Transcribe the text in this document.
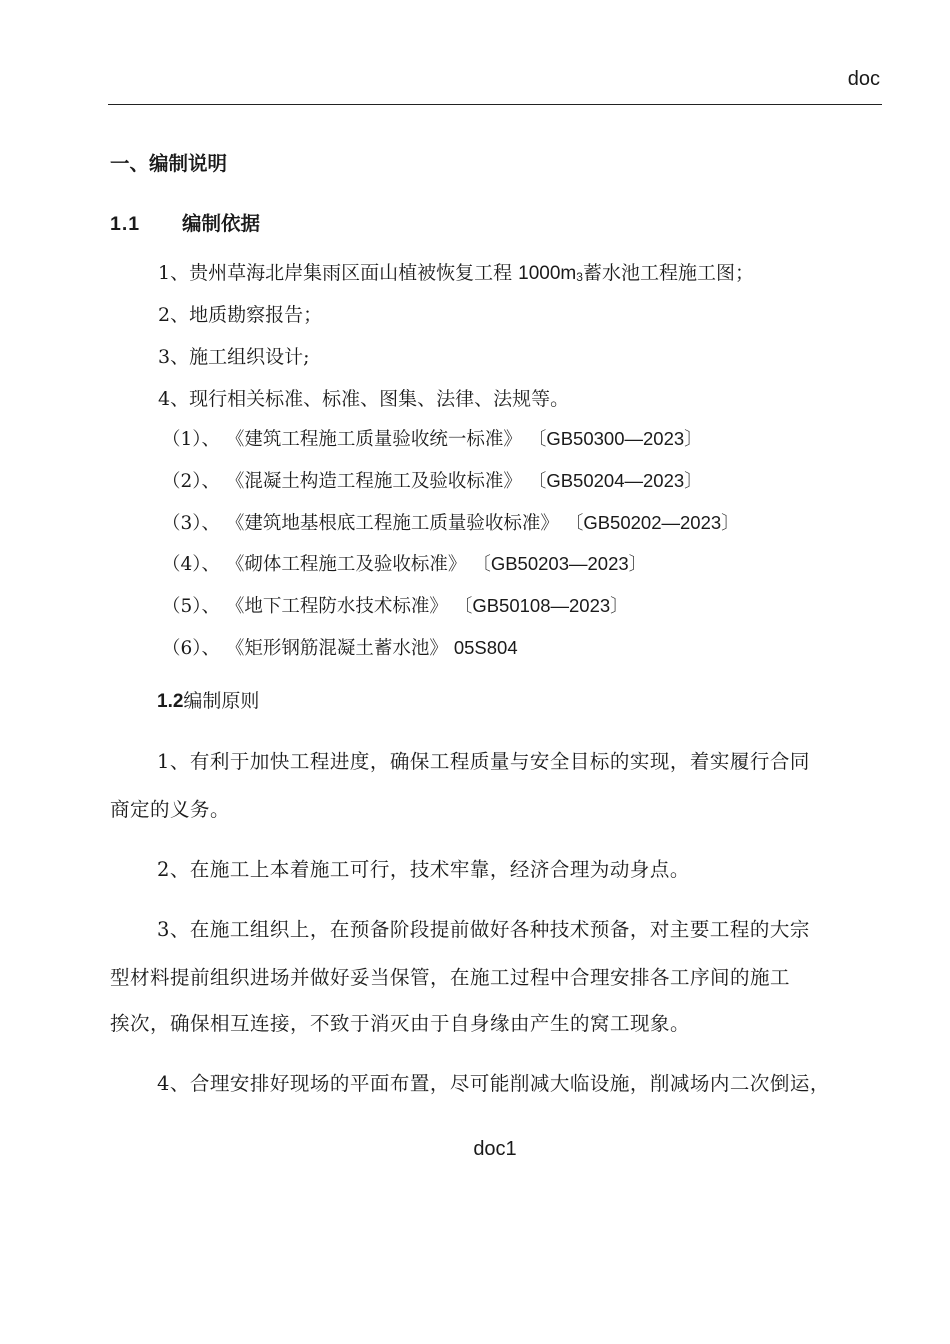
doc
一、编制说明
1.1 编制依据
1、贵州草海北岸集雨区面山植被恢复工程 $1000m^3$蓄水池工程施工图；
2、地质勘察报告；
3、施工组织设计;
4、现行相关标准、标准、图集、法律、法规等。
（1）、 《建筑工程施工质量验收统一标准》 〔GB50300—2023〕
（2）、 《混凝土构造工程施工及验收标准》 〔GB50204—2023〕
（3）、 《建筑地基根底工程施工质量验收标准》 〔GB50202—2023〕
（4）、 《砌体工程施工及验收标准》 〔GB50203—2023〕
（5）、 《地下工程防水技术标准》 〔GB50108—2023〕
（6）、 《矩形钢筋混凝土蓄水池》 05S804
1.2编制原则
1、有利于加快工程进度，确保工程质量与安全目标的实现，着实履行合同
商定的义务。
2、在施工上本着施工可行，技术牢靠，经济合理为动身点。
3、在施工组织上，在预备阶段提前做好各种技术预备，对主要工程的大宗
型材料提前组织进场并做好妥当保管，在施工过程中合理安排各工序间的施工
挨次，确保相互连接，不致于消灭由于自身缘由产生的窝工现象。
4、合理安排好现场的平面布置，尽可能削减大临设施，削减场内二次倒运，
doc1
